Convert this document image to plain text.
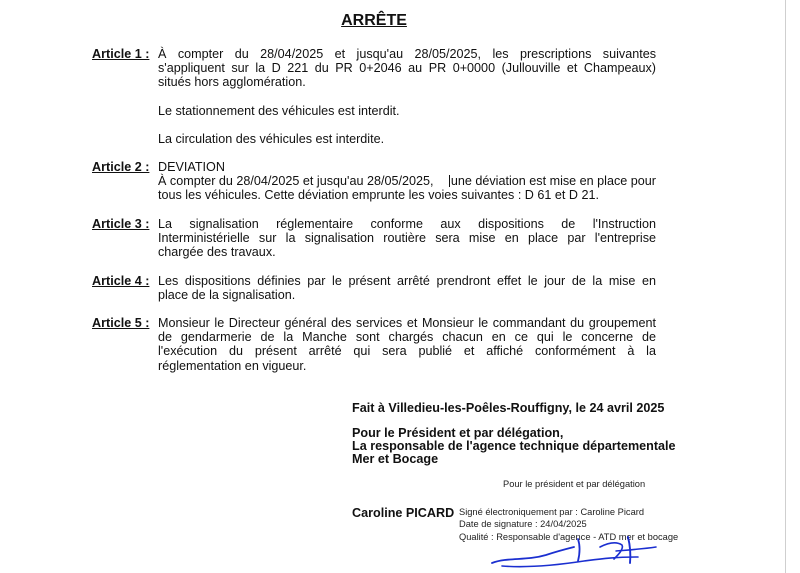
ARRÊTE
Article 1 : À compter du 28/04/2025 et jusqu'au 28/05/2025, les prescriptions suivantes
s'appliquent sur la D 221 du PR 0+2046 au PR 0+0000 (Jullouville et Champeaux)
situés hors agglomération.
Le stationnement des véhicules est interdit.
La circulation des véhicules est interdite.
Article 2 : DEVIATION
À compter du 28/04/2025 et jusqu'au 28/05/2025, une déviation est mise en place pour
tous les véhicules. Cette déviation emprunte les voies suivantes : D 61 et D 21.
Article 3 : La signalisation réglementaire conforme aux dispositions de l'Instruction
Interministérielle sur la signalisation routière sera mise en place par l'entreprise
chargée des travaux.
Article 4 : Les dispositions définies par le présent arrêté prendront effet le jour de la mise en
place de la signalisation.
Article 5 : Monsieur le Directeur général des services et Monsieur le commandant du groupement
de gendarmerie de la Manche sont chargés chacun en ce qui le concerne de
l'exécution du présent arrêté qui sera publié et affiché conformément à la
réglementation en vigueur.
Fait à Villedieu-les-Poêles-Rouffigny, le 24 avril 2025
Pour le Président et par délégation,
La responsable de l'agence technique départementale
Mer et Bocage
Pour le président et par délégation
Caroline PICARD Signé électroniquement par : Caroline Picard
Date de signature : 24/04/2025
Qualité : Responsable d'agence - ATD mer et bocage
